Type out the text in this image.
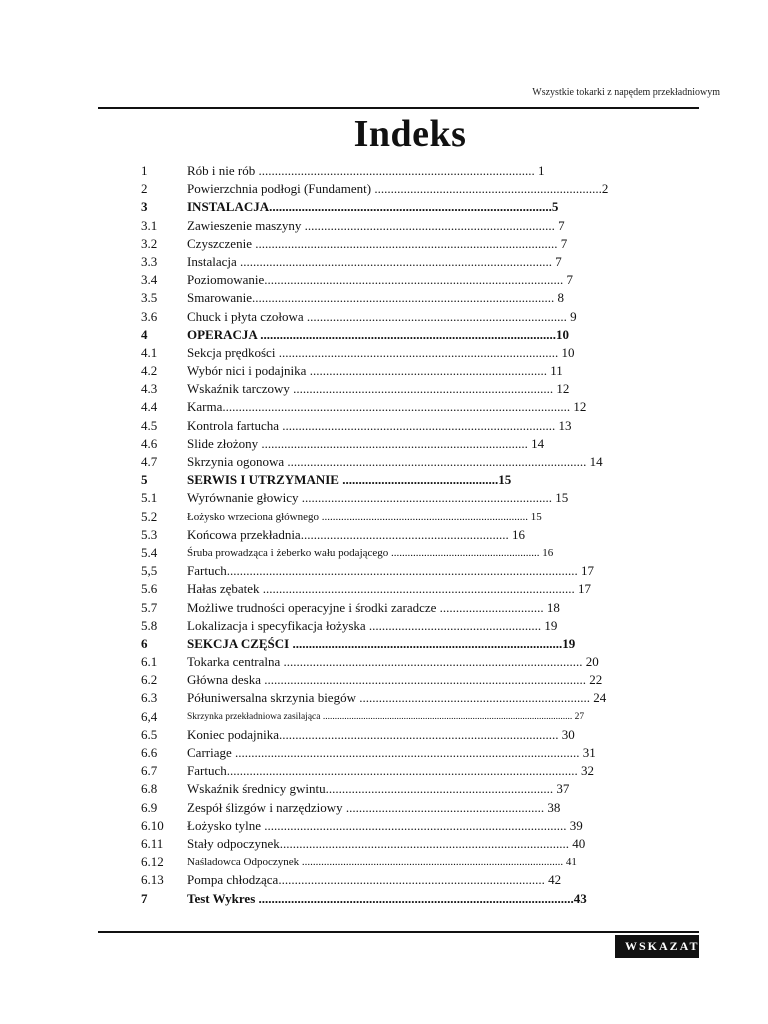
Wszystkie tokarki z napędem przekładniowym
Indeks
1	Rób i nie rób ..................................................................................... 1
2	Powierzchnia podłogi (Fundament) ......................................................................2
3	INSTALACJA.......................................................................................5
3.1	Zawieszenie maszyny ............................................................................. 7
3.2	Czyszczenie ............................................................................................. 7
3.3	Instalacja ................................................................................................ 7
3.4	Poziomowanie............................................................................................ 7
3.5	Smarowanie............................................................................................. 8
3.6	Chuck i płyta czołowa ................................................................................ 9
4	OPERACJA ...........................................................................................10
4.1	Sekcja prędkości ...................................................................................... 10
4.2	Wybór nici i podajnika ......................................................................... 11
4.3	Wskaźnik tarczowy ................................................................................ 12
4.4	Karma........................................................................................................... 12
4.5	Kontrola fartucha .................................................................................... 13
4.6	Slide złożony .................................................................................. 14
4.7	Skrzynia ogonowa ............................................................................................ 14
5	SERWIS I UTRZYMANIE ................................................15
5.1	Wyrównanie głowicy ............................................................................. 15
5.2	Łożysko wrzeciona głównego ........................................................................... 15
5.3	Końcowa przekładnia................................................................ 16
5.4	Śruba prowadząca i żeberko wału podającego ...................................................... 16
5,5	Fartuch............................................................................................................ 17
5.6	Hałas zębatek ................................................................................................ 17
5.7	Możliwe trudności operacyjne i środki zaradcze ................................ 18
5.8	Lokalizacja i specyfikacja łożyska ..................................................... 19
6	SEKCJA CZĘŚCI ...................................................................................19
6.1	Tokarka centralna ............................................................................................ 20
6.2	Główna deska ................................................................................................... 22
6.3	Półuniwersalna skrzynia biegów ....................................................................... 24
6,4	Skrzynka przekładniowa zasilająca ......................................................................................................... 27
6.5	Koniec podajnika...................................................................................... 30
6.6	Carriage .......................................................................................................... 31
6.7	Fartuch............................................................................................................ 32
6.8	Wskaźnik średnicy gwintu...................................................................... 37
6.9	Zespół ślizgów i narzędziowy ............................................................. 38
6.10	Łożysko tylne ............................................................................................. 39
6.11	Stały odpoczynek......................................................................................... 40
6.12	Naśladowca Odpoczynek ............................................................................................... 41
6.13	Pompa chłodząca.................................................................................. 42
7	Test Wykres .................................................................................................43
WSKAZAT
